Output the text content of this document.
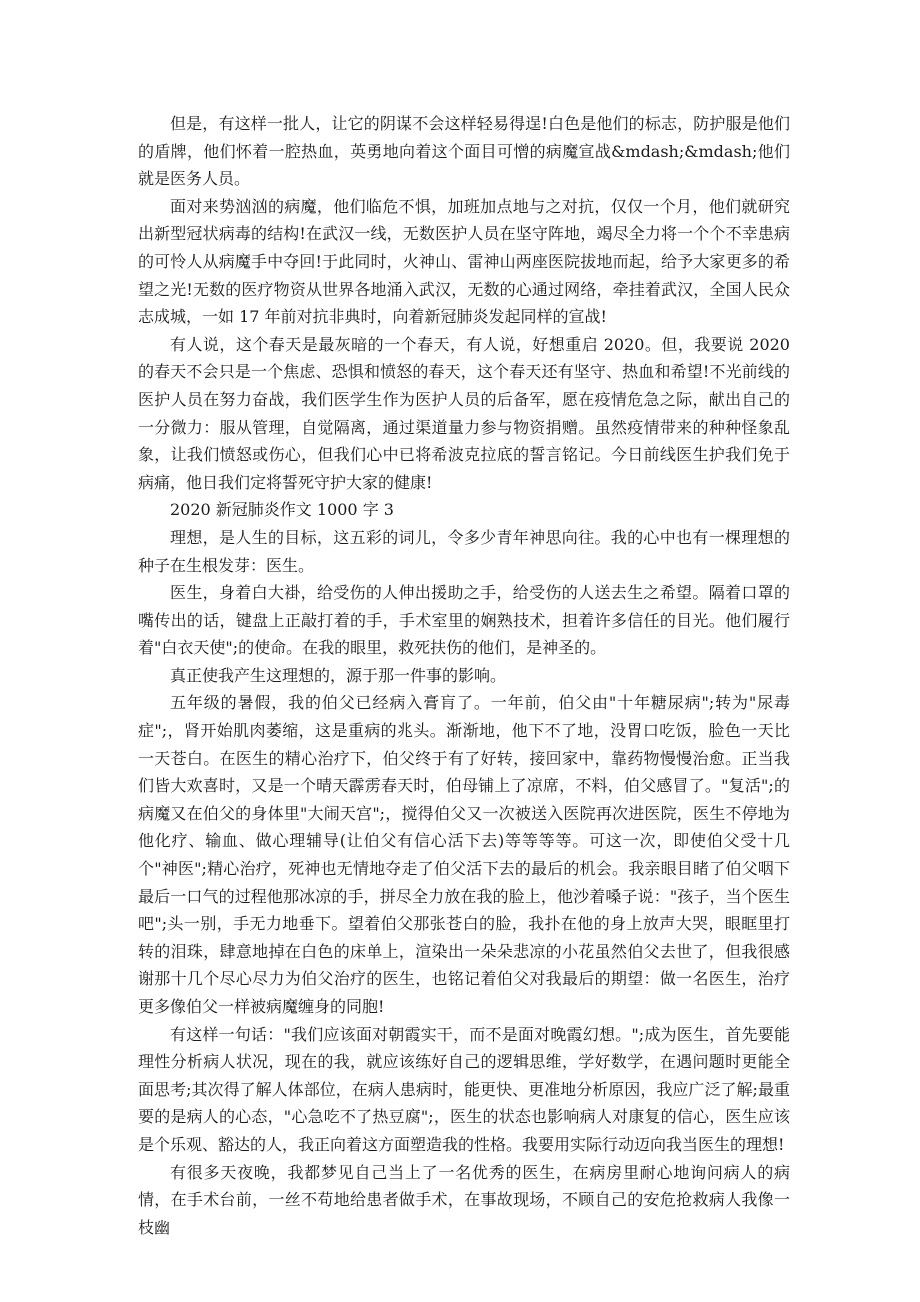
但是，有这样一批人，让它的阴谋不会这样轻易得逞!白色是他们的标志，防护服是他们的盾牌，他们怀着一腔热血，英勇地向着这个面目可憎的病魔宣战&mdash;&mdash;他们就是医务人员。

面对来势汹汹的病魔，他们临危不惧，加班加点地与之对抗，仅仅一个月，他们就研究出新型冠状病毒的结构!在武汉一线，无数医护人员在坚守阵地，竭尽全力将一个个不幸患病的可怜人从病魔手中夺回!于此同时，火神山、雷神山两座医院拔地而起，给予大家更多的希望之光!无数的医疗物资从世界各地涌入武汉，无数的心通过网络，牵挂着武汉，全国人民众志成城，一如 17 年前对抗非典时，向着新冠肺炎发起同样的宣战!

有人说，这个春天是最灰暗的一个春天，有人说，好想重启 2020。但，我要说 2020 的春天不会只是一个焦虑、恐惧和愤怒的春天，这个春天还有坚守、热血和希望!不光前线的医护人员在努力奋战，我们医学生作为医护人员的后备军，愿在疫情危急之际，献出自己的一分微力：服从管理，自觉隔离，通过渠道量力参与物资捐赠。虽然疫情带来的种种怪象乱象，让我们愤怒或伤心，但我们心中已将希波克拉底的誓言铭记。今日前线医生护我们免于病痛，他日我们定将誓死守护大家的健康!

2020 新冠肺炎作文 1000 字 3

理想，是人生的目标，这五彩的词儿，令多少青年神思向往。我的心中也有一棵理想的种子在生根发芽：医生。

医生，身着白大褂，给受伤的人伸出援助之手，给受伤的人送去生之希望。隔着口罩的嘴传出的话，键盘上正敲打着的手，手术室里的娴熟技术，担着许多信任的目光。他们履行着"白衣天使";的使命。在我的眼里，救死扶伤的他们，是神圣的。

真正使我产生这理想的，源于那一件事的影响。

五年级的暑假，我的伯父已经病入膏肓了。一年前，伯父由"十年糖尿病";转为"尿毒症";，肾开始肌肉萎缩，这是重病的兆头。渐渐地，他下不了地，没胃口吃饭，脸色一天比一天苍白。在医生的精心治疗下，伯父终于有了好转，接回家中，靠药物慢慢治愈。正当我们皆大欢喜时，又是一个晴天霹雳春天时，伯母铺上了凉席，不料，伯父感冒了。"复活";的病魔又在伯父的身体里"大闹天宫";，搅得伯父又一次被送入医院再次进医院，医生不停地为他化疗、输血、做心理辅导(让伯父有信心活下去)等等等等。可这一次，即使伯父受十几个"神医";精心治疗，死神也无情地夺走了伯父活下去的最后的机会。我亲眼目睹了伯父咽下最后一口气的过程他那冰凉的手，拼尽全力放在我的脸上，他沙着嗓子说："孩子，当个医生吧";头一别，手无力地垂下。望着伯父那张苍白的脸，我扑在他的身上放声大哭，眼眶里打转的泪珠，肆意地掉在白色的床单上，渲染出一朵朵悲凉的小花虽然伯父去世了，但我很感谢那十几个尽心尽力为伯父治疗的医生，也铭记着伯父对我最后的期望：做一名医生，治疗更多像伯父一样被病魔缠身的同胞!

有这样一句话："我们应该面对朝霞实干，而不是面对晚霞幻想。";成为医生，首先要能理性分析病人状况，现在的我，就应该练好自己的逻辑思维，学好数学，在遇问题时更能全面思考;其次得了解人体部位，在病人患病时，能更快、更准地分析原因，我应广泛了解;最重要的是病人的心态，"心急吃不了热豆腐";，医生的状态也影响病人对康复的信心，医生应该是个乐观、豁达的人，我正向着这方面塑造我的性格。我要用实际行动迈向我当医生的理想!

有很多天夜晚，我都梦见自己当上了一名优秀的医生，在病房里耐心地询问病人的病情，在手术台前，一丝不苟地给患者做手术，在事故现场，不顾自己的安危抢救病人我像一枝幽
